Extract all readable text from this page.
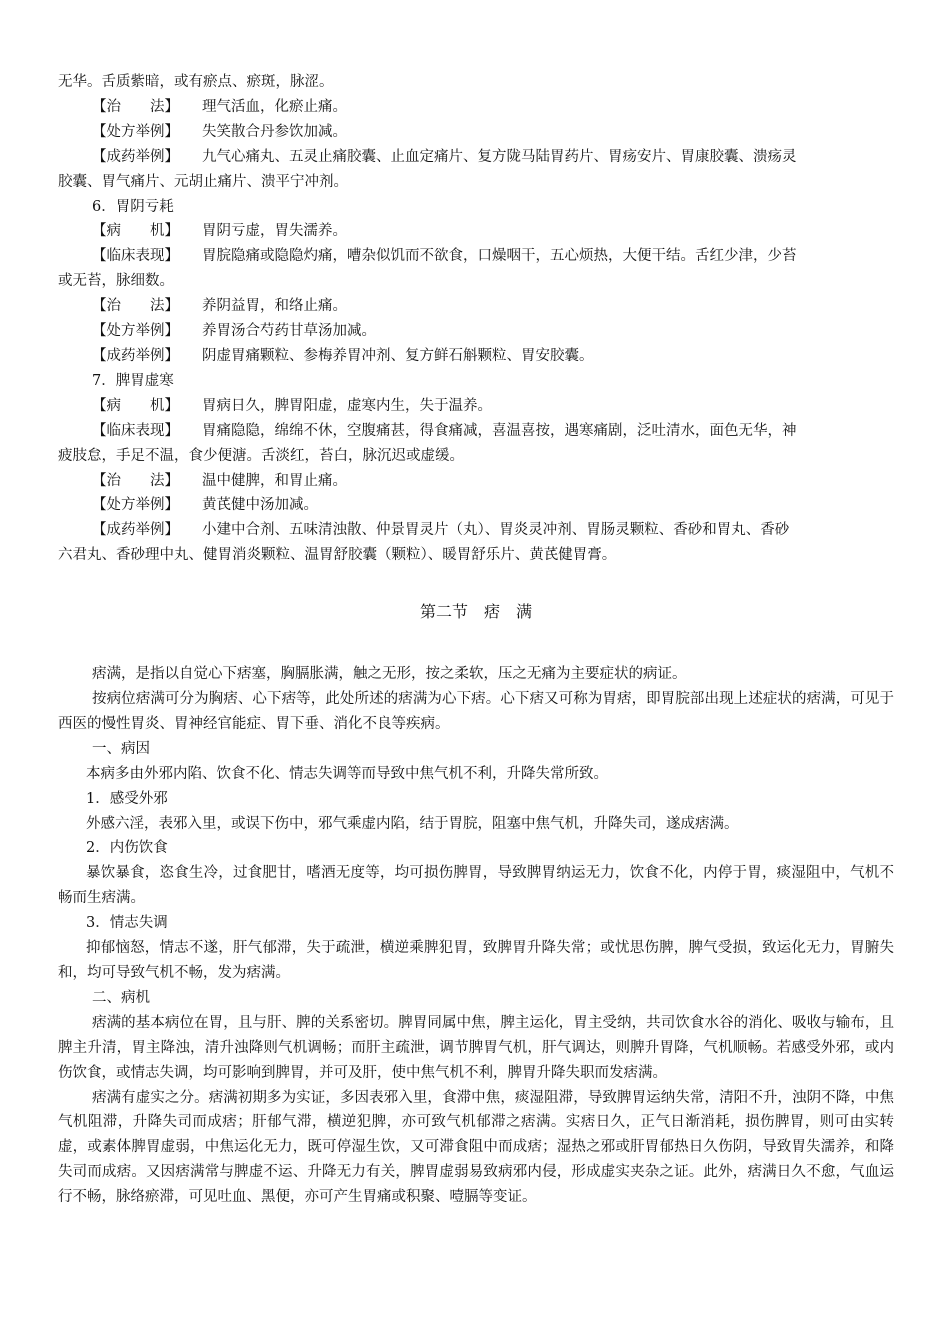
无华。舌质紫暗，或有瘀点、瘀斑，脉涩。
【治　　法】 理气活血，化瘀止痛。
【处方举例】 失笑散合丹参饮加减。
【成药举例】 九气心痛丸、五灵止痛胶囊、止血定痛片、复方陇马陆胃药片、胃疡安片、胃康胶囊、溃疡灵
胶囊、胃气痛片、元胡止痛片、溃平宁冲剂。
6．胃阴亏耗
【病　　机】 胃阴亏虚，胃失濡养。
【临床表现】 胃脘隐痛或隐隐灼痛，嘈杂似饥而不欲食，口燥咽干，五心烦热，大便干结。舌红少津，少苔
或无苔，脉细数。
【治　　法】 养阴益胃，和络止痛。
【处方举例】 养胃汤合芍药甘草汤加减。
【成药举例】 阴虚胃痛颗粒、参梅养胃冲剂、复方鲜石斛颗粒、胃安胶囊。
7．脾胃虚寒
【病　　机】 胃病日久，脾胃阳虚，虚寒内生，失于温养。
【临床表现】 胃痛隐隐，绵绵不休，空腹痛甚，得食痛减，喜温喜按，遇寒痛剧，泛吐清水，面色无华，神
疲肢怠，手足不温，食少便溏。舌淡红，苔白，脉沉迟或虚缓。
【治　　法】 温中健脾，和胃止痛。
【处方举例】 黄芪健中汤加减。
【成药举例】 小建中合剂、五味清浊散、仲景胃灵片（丸）、胃炎灵冲剂、胃肠灵颗粒、香砂和胃丸、香砂
六君丸、香砂理中丸、健胃消炎颗粒、温胃舒胶囊（颗粒）、暖胃舒乐片、黄芪健胃膏。
第二节　痞　满
痞满，是指以自觉心下痞塞，胸膈胀满，触之无形，按之柔软，压之无痛为主要症状的病证。
按病位痞满可分为胸痞、心下痞等，此处所述的痞满为心下痞。心下痞又可称为胃痞，即胃脘部出现上述症状的痞满，可见于西医的慢性胃炎、胃神经官能症、胃下垂、消化不良等疾病。
一、病因
本病多由外邪内陷、饮食不化、情志失调等而导致中焦气机不利，升降失常所致。
1．感受外邪
外感六淫，表邪入里，或误下伤中，邪气乘虚内陷，结于胃脘，阻塞中焦气机，升降失司，遂成痞满。
2．内伤饮食
暴饮暴食，恣食生冷，过食肥甘，嗜酒无度等，均可损伤脾胃，导致脾胃纳运无力，饮食不化，内停于胃，痰湿阻中，气机不畅而生痞满。
3．情志失调
抑郁恼怒，情志不遂，肝气郁滞，失于疏泄，横逆乘脾犯胃，致脾胃升降失常；或忧思伤脾，脾气受损，致运化无力，胃腑失和，均可导致气机不畅，发为痞满。
二、病机
痞满的基本病位在胃，且与肝、脾的关系密切。脾胃同属中焦，脾主运化，胃主受纳，共司饮食水谷的消化、吸收与输布，且脾主升清，胃主降浊，清升浊降则气机调畅；而肝主疏泄，调节脾胃气机，肝气调达，则脾升胃降，气机顺畅。若感受外邪，或内伤饮食，或情志失调，均可影响到脾胃，并可及肝，使中焦气机不利，脾胃升降失职而发痞满。
痞满有虚实之分。痞满初期多为实证，多因表邪入里，食滞中焦，痰湿阻滞，导致脾胃运纳失常，清阳不升，浊阴不降，中焦气机阻滞，升降失司而成痞；肝郁气滞，横逆犯脾，亦可致气机郁滞之痞满。实痞日久，正气日渐消耗，损伤脾胃，则可由实转虚，或素体脾胃虚弱，中焦运化无力，既可停湿生饮，又可滞食阻中而成痞；湿热之邪或肝胃郁热日久伤阴，导致胃失濡养，和降失司而成痞。又因痞满常与脾虚不运、升降无力有关，脾胃虚弱易致病邪内侵，形成虚实夹杂之证。此外，痞满日久不愈，气血运行不畅，脉络瘀滞，可见吐血、黑便，亦可产生胃痛或积聚、噎膈等变证。
